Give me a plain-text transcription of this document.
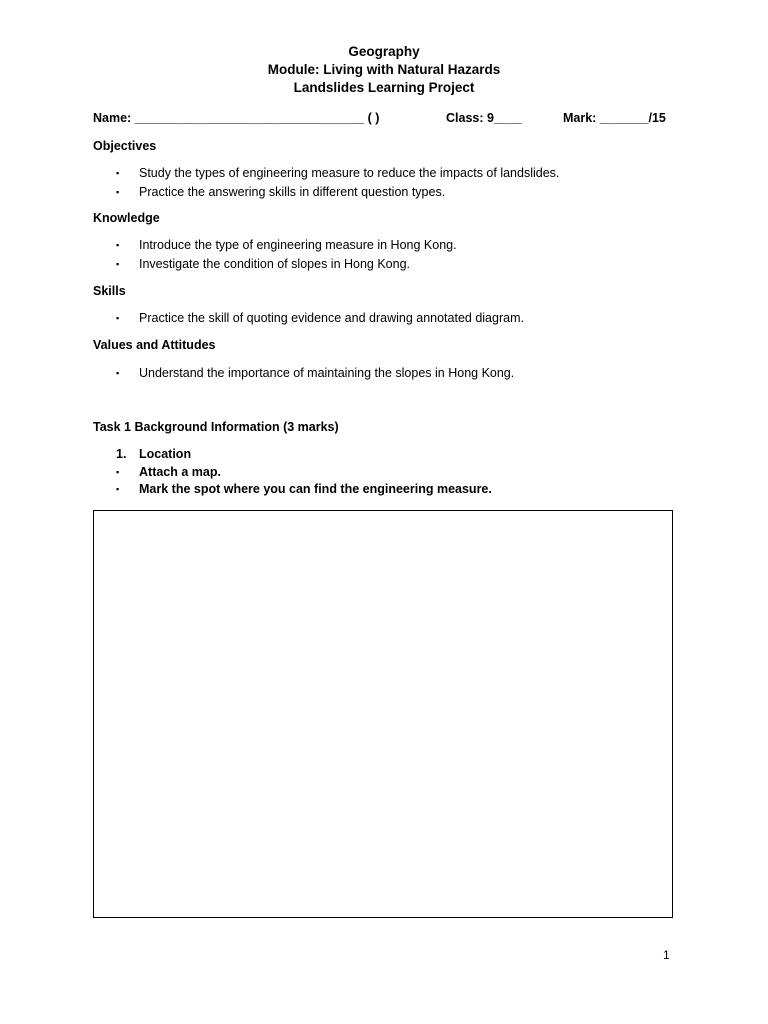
Geography
Module: Living with Natural Hazards
Landslides Learning Project
Name: _________________________________ ( )	Class: 9____	Mark: _______/15
Objectives
▪ Study the types of engineering measure to reduce the impacts of landslides.
▪ Practice the answering skills in different question types.
Knowledge
▪ Introduce the type of engineering measure in Hong Kong.
▪ Investigate the condition of slopes in Hong Kong.
Skills
▪ Practice the skill of quoting evidence and drawing annotated diagram.
Values and Attitudes
▪ Understand the importance of maintaining the slopes in Hong Kong.
Task 1 Background Information (3 marks)
1. Location
▪ Attach a map.
▪ Mark the spot where you can find the engineering measure.
1
